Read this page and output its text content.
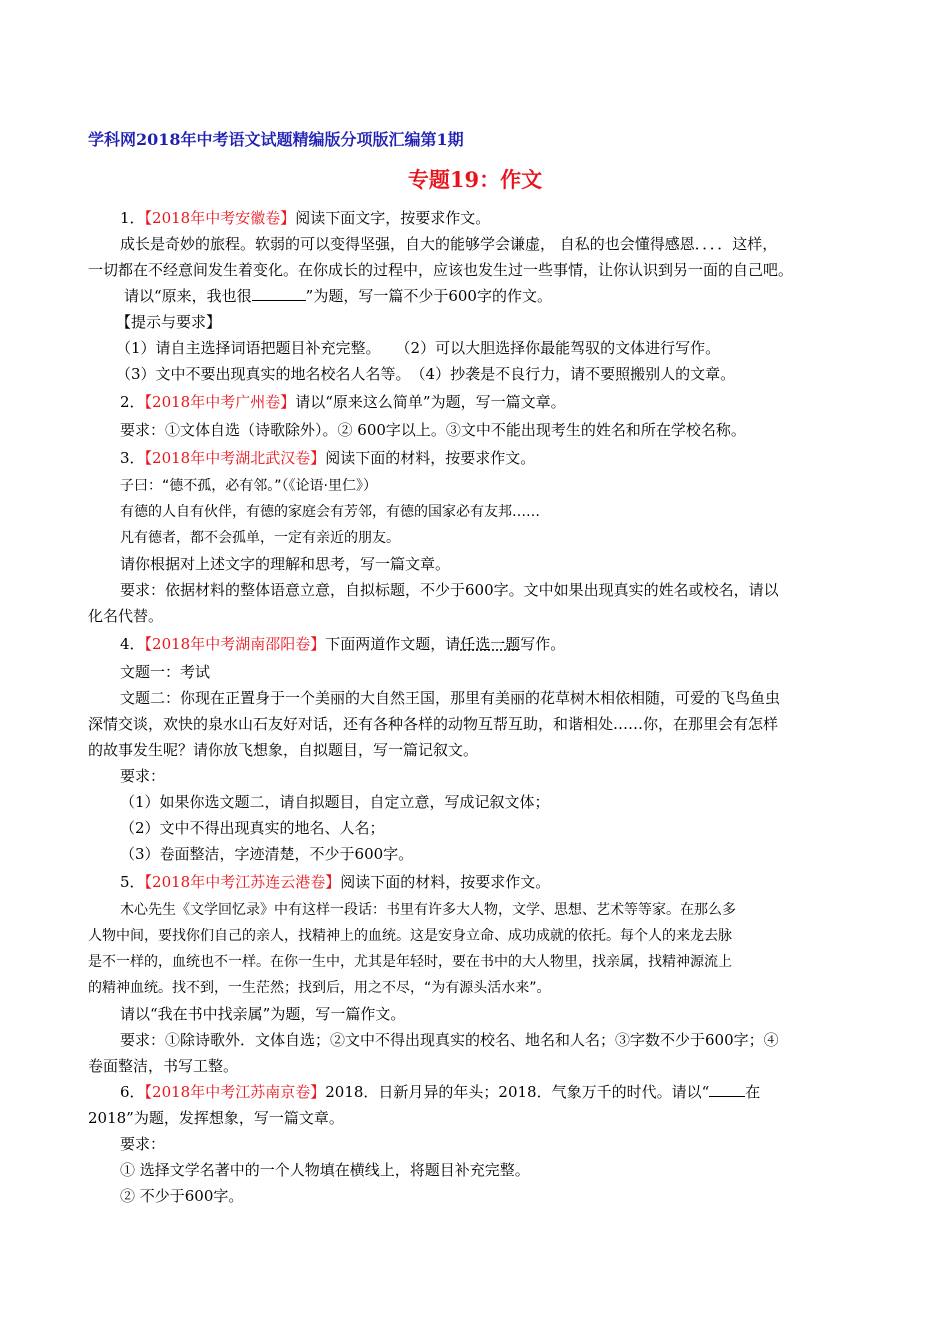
学科网2018年中考语文试题精编版分项版汇编第1期
专题19：作文
1．【2018年中考安徽卷】阅读下面文字，按要求作文。
成长是奇妙的旅程。软弱的可以变得坚强，自大的能够学会谦虚， 自私的也会懂得感恩．．．．这样，
一切都在不经意间发生着变化。在你成长的过程中，应该也发生过一些事情，让你认识到另一面的自己吧。
请以“原来，我也很	”为题，写一篇不少于600字的作文。
【提示与要求】
（1）请自主选择词语把题目补充完整。　　（2）可以大胆选择你最能驾驭的文体进行写作。
（3）文中不要出现真实的地名校名人名等。　（4）抄袭是不良行力，请不要照搬别人的文章。
2．【2018年中考广州卷】请以“原来这么简单”为题，写一篇文章。
要求：①文体自选（诗歌除外）。② 600字以上。③文中不能出现考生的姓名和所在学校名称。
3．【2018年中考湖北武汉卷】阅读下面的材料，按要求作文。
子曰：“德不孤，必有邻。”（《论语·里仁》）
有德的人自有伙伴，有德的家庭会有芳邻，有德的国家必有友邦……
凡有德者，都不会孤单，一定有亲近的朋友。
请你根据对上述文字的理解和思考，写一篇文章。
要求：依据材料的整体语意立意，自拟标题，不少于600字。文中如果出现真实的姓名或校名，请以
化名代替。
4．【2018年中考湖南邵阳卷】下面两道作文题，请任选一题写作。
文题一：考试
文题二：你现在正置身于一个美丽的大自然王国，那里有美丽的花草树木相依相随，可爱的飞鸟鱼虫
深情交谈，欢快的泉水山石友好对话，还有各种各样的动物互帮互助，和谐相处……你，在那里会有怎样
的故事发生呢？请你放飞想象，自拟题目，写一篇记叙文。
要求：
（1）如果你选文题二，请自拟题目，自定立意，写成记叙文体；
（2）文中不得出现真实的地名、人名；
（3）卷面整洁，字迹清楚，不少于600字。
5．【2018年中考江苏连云港卷】阅读下面的材料，按要求作文。
木心先生《文学回忆录》中有这样一段话：书里有许多大人物，文学、思想、艺术等等家。在那么多
人物中间，要找你们自己的亲人，找精神上的血统。这是安身立命、成功成就的依托。每个人的来龙去脉
是不一样的，血统也不一样。在你一生中，尤其是年轻时，要在书中的大人物里，找亲属，找精神源流上
的精神血统。找不到，一生茫然；找到后，用之不尽，“为有源头活水来”。
请以“我在书中找亲属”为题，写一篇作文。
要求：①除诗歌外．文体自选；②文中不得出现真实的校名、地名和人名；③字数不少于600字；④
卷面整洁，书写工整。
6．【2018年中考江苏南京卷】2018．日新月异的年头；2018．气象万千的时代。请以“ 在
2018”为题，发挥想象，写一篇文章。
要求：
① 选择文学名著中的一个人物填在横线上，将题目补充完整。
② 不少于600字。
